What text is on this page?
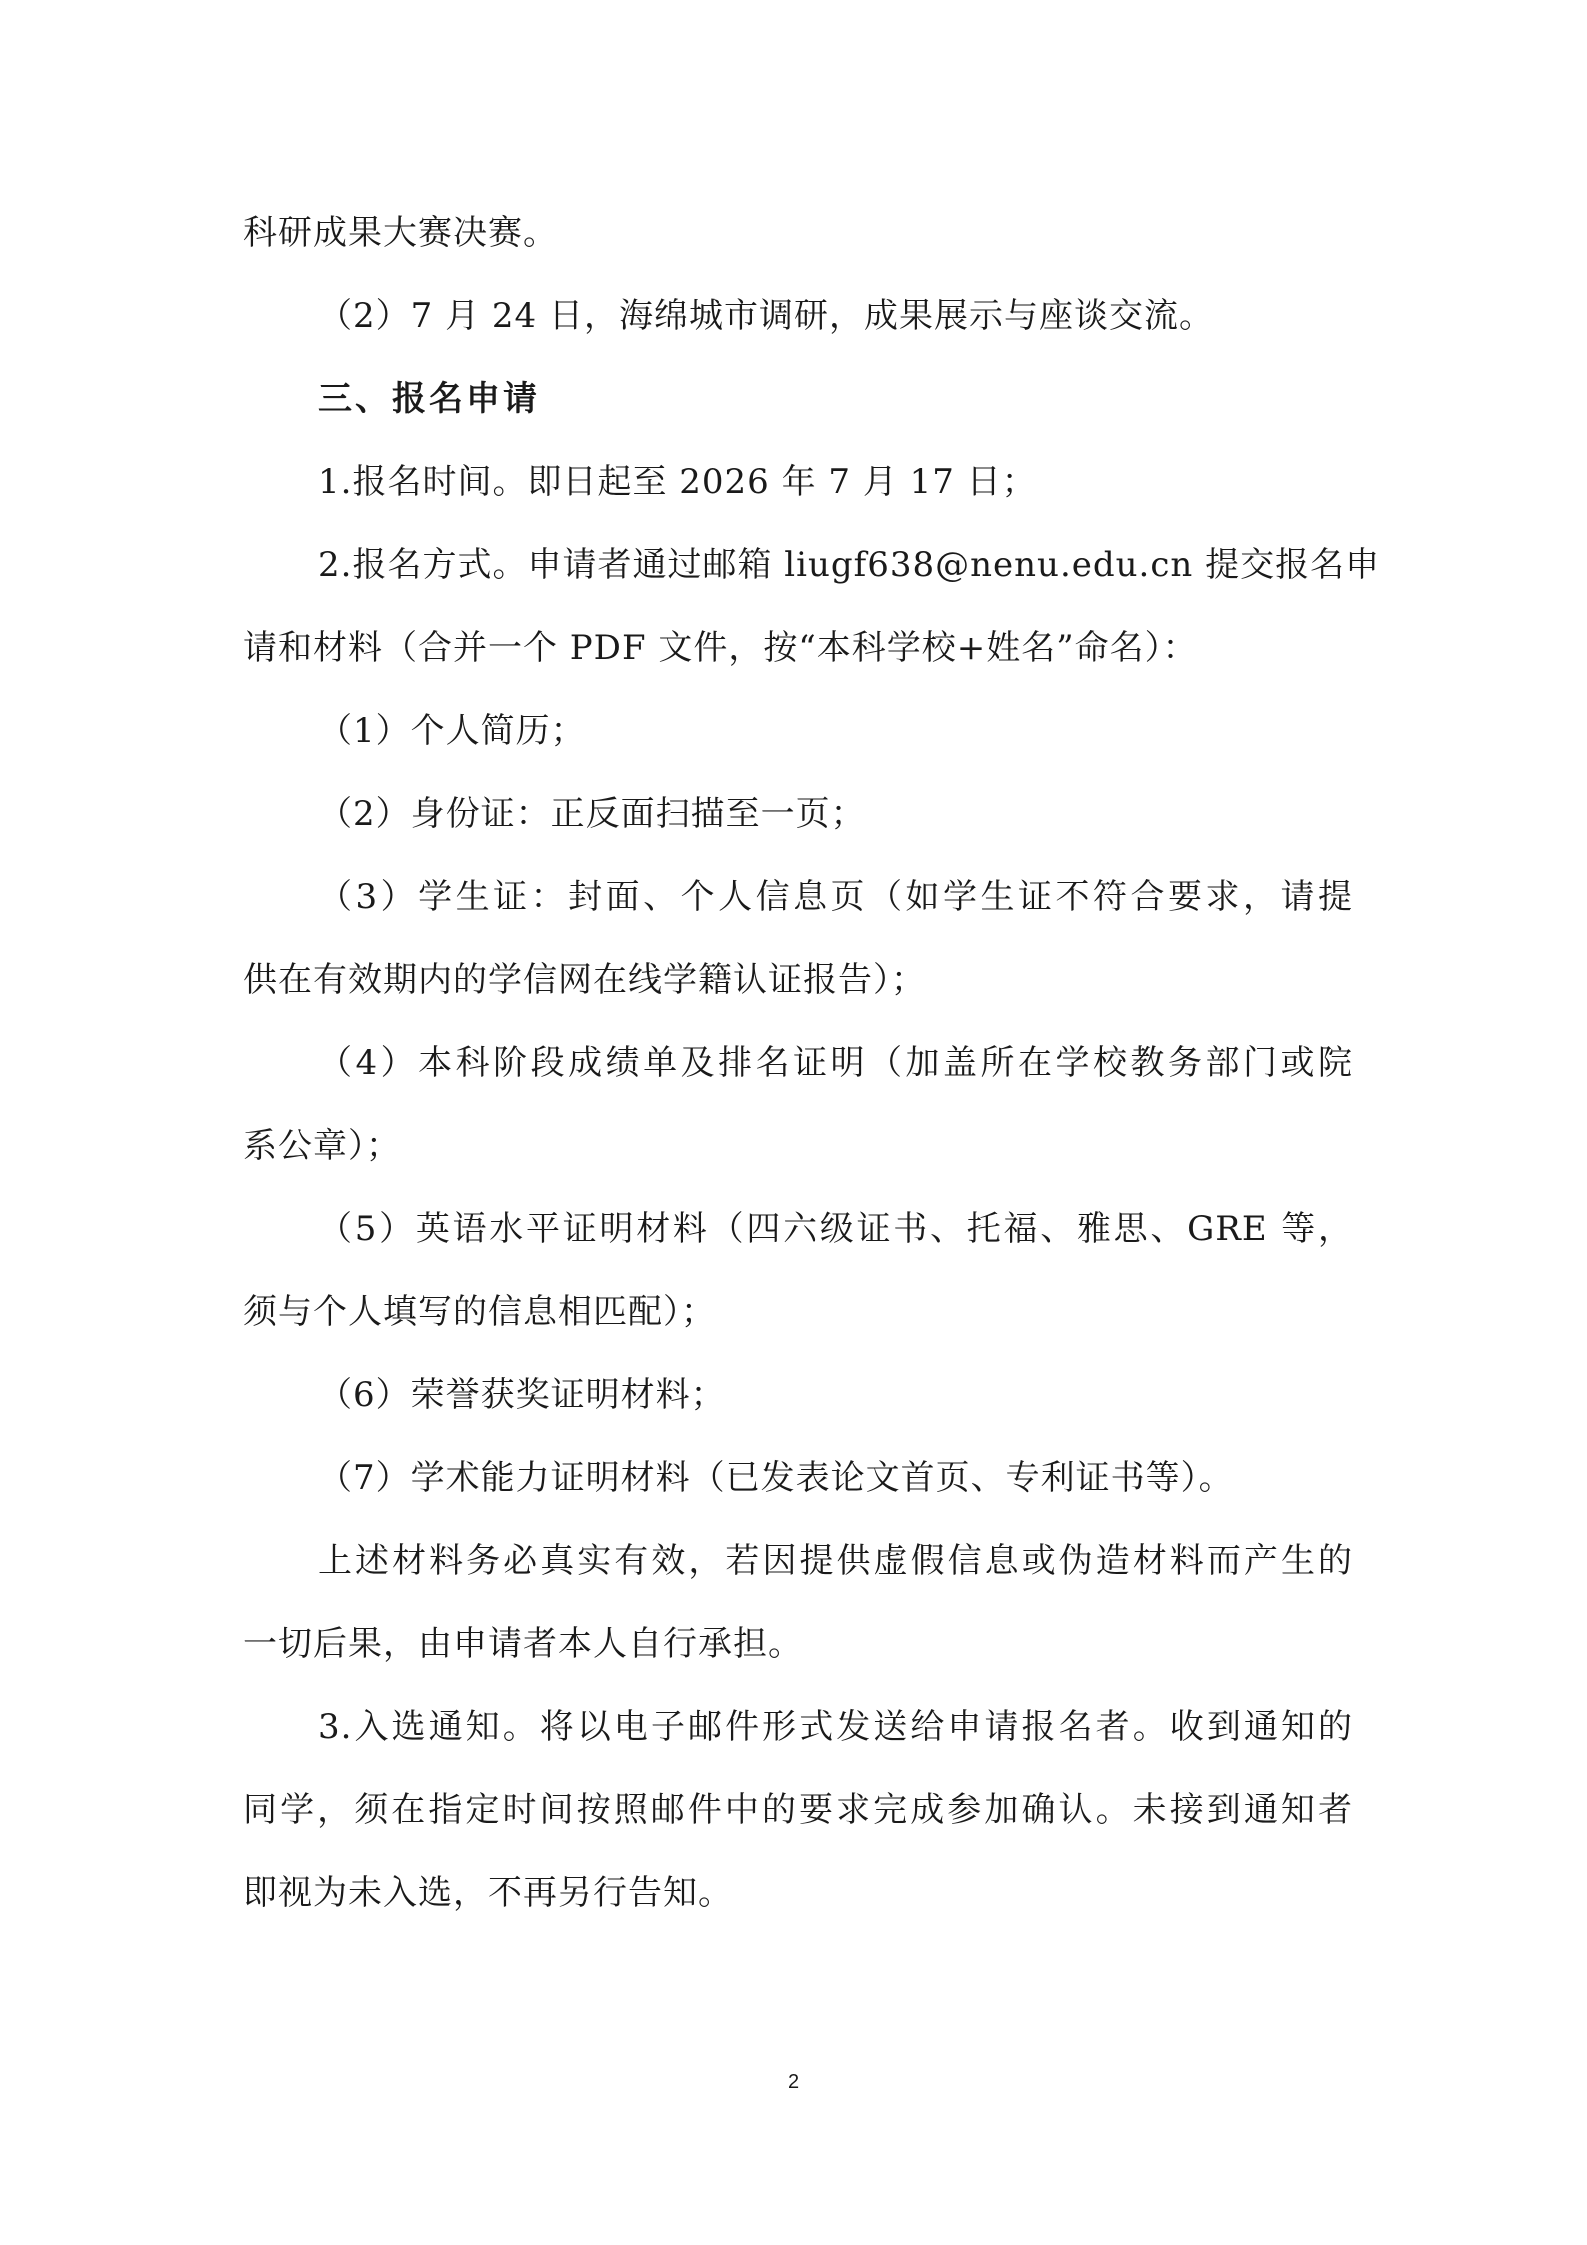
科研成果大赛决赛。
（2）7 月 24 日，海绵城市调研，成果展示与座谈交流。
三、报名申请
1.报名时间。即日起至 2026 年 7 月 17 日；
2.报名方式。申请者通过邮箱 liugf638@nenu.edu.cn 提交报名申
请和材料（合并一个 PDF 文件，按“本科学校+姓名”命名）：
（1）个人简历；
（2）身份证：正反面扫描至一页；
（3）学生证：封面、个人信息页（如学生证不符合要求，请提
供在有效期内的学信网在线学籍认证报告）；
（4）本科阶段成绩单及排名证明（加盖所在学校教务部门或院
系公章）；
（5）英语水平证明材料（四六级证书、托福、雅思、GRE 等，
须与个人填写的信息相匹配）；
（6）荣誉获奖证明材料；
（7）学术能力证明材料（已发表论文首页、专利证书等）。
上述材料务必真实有效，若因提供虚假信息或伪造材料而产生的
一切后果，由申请者本人自行承担。
3.入选通知。将以电子邮件形式发送给申请报名者。收到通知的
同学，须在指定时间按照邮件中的要求完成参加确认。未接到通知者
即视为未入选，不再另行告知。
2
